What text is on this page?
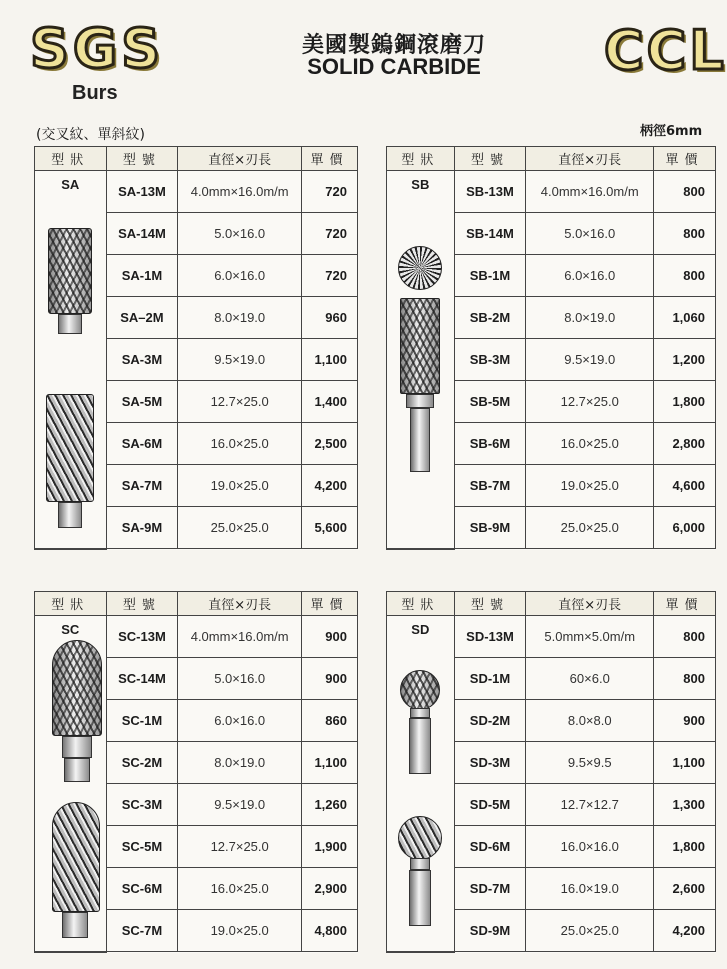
SGS
Burs
美國製鎢鋼滾磨刀
SOLID CARBIDE	CCL
(交叉紋、單斜紋)	柄徑6mm
型狀	型號	直徑×刃長	單價

SA	SA-13M	4.0mm×16.0m/m	720
	SA-14M	5.0×16.0	720
	SA-1M	6.0×16.0	720
	SA–2M	8.0×19.0	960
	SA-3M	9.5×19.0	1,100
	SA-5M	12.7×25.0	1,400
	SA-6M	16.0×25.0	2,500
	SA-7M	19.0×25.0	4,200
	SA-9M	25.0×25.0	5,600
型狀	型號	直徑×刃長	單價

SB	SB-13M	4.0mm×16.0m/m	800
	SB-14M	5.0×16.0	800
	SB-1M	6.0×16.0	800
	SB-2M	8.0×19.0	1,060
	SB-3M	9.5×19.0	1,200
	SB-5M	12.7×25.0	1,800
	SB-6M	16.0×25.0	2,800
	SB-7M	19.0×25.0	4,600
	SB-9M	25.0×25.0	6,000
型狀	型號	直徑×刃長	單價

SC	SC-13M	4.0mm×16.0m/m	900
	SC-14M	5.0×16.0	900
	SC-1M	6.0×16.0	860
	SC-2M	8.0×19.0	1,100
	SC-3M	9.5×19.0	1,260
	SC-5M	12.7×25.0	1,900
	SC-6M	16.0×25.0	2,900
	SC-7M	19.0×25.0	4,800
型狀	型號	直徑×刃長	單價

SD	SD-13M	5.0mm×5.0m/m	800
	SD-1M	60×6.0	800
	SD-2M	8.0×8.0	900
	SD-3M	9.5×9.5	1,100
	SD-5M	12.7×12.7	1,300
	SD-6M	16.0×16.0	1,800
	SD-7M	16.0×19.0	2,600
	SD-9M	25.0×25.0	4,200
